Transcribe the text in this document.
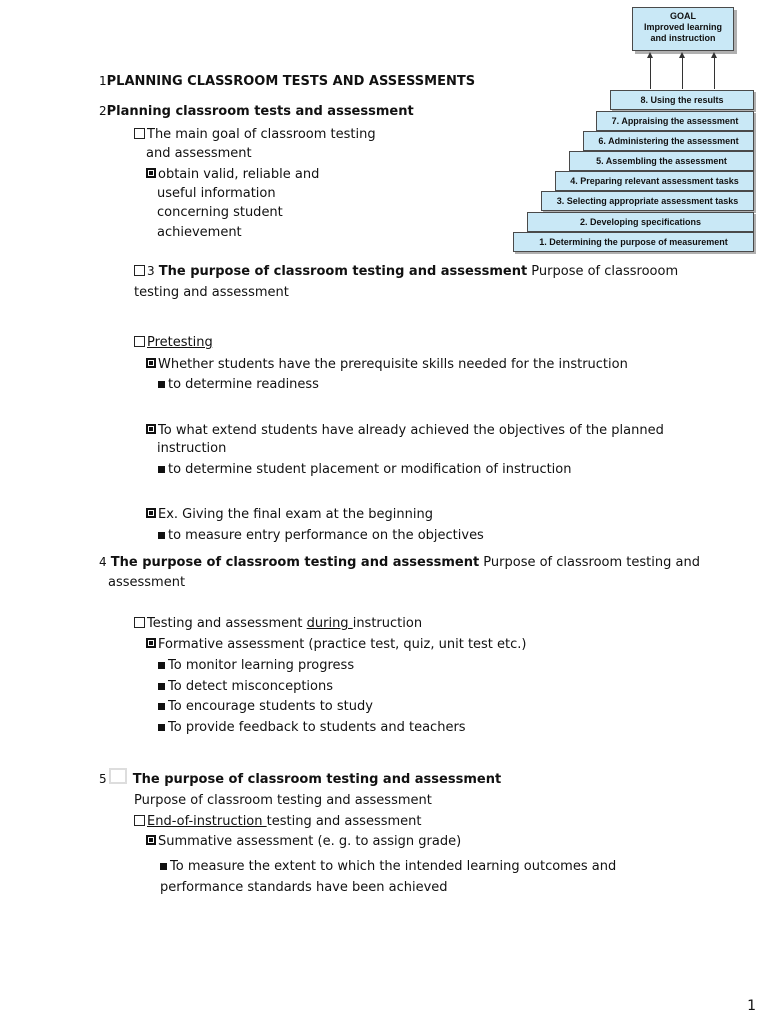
GOAL
Improved learning
and instruction
8. Using the results
7. Appraising the assessment
6. Administering the assessment
5. Assembling the assessment
4. Preparing relevant assessment tasks
3. Selecting appropriate assessment tasks
2. Developing specifications
1. Determining the purpose of measurement
1PLANNING CLASSROOM TESTS AND ASSESSMENTS
2Planning classroom tests and assessment
The main goal of classroom testing
and assessment
obtain valid, reliable and
useful information
concerning student
achievement
3 The purpose of classroom testing and assessment Purpose of classrooom
testing and assessment
Pretesting
Whether students have the prerequisite skills needed for the instruction
to determine readiness
To what extend students have already achieved the objectives of the planned
instruction
to determine student placement or modification of instruction
Ex. Giving the final exam at the beginning
to measure entry performance on the objectives
4 The purpose of classroom testing and assessment Purpose of classroom testing and
assessment
Testing and assessment during instruction
Formative assessment (practice test, quiz, unit test etc.)
To monitor learning progress
To detect misconceptions
To encourage students to study
To provide feedback to students and teachers
5 The purpose of classroom testing and assessment
Purpose of classroom testing and assessment
End-of-instruction testing and assessment
Summative assessment (e. g. to assign grade)
To measure the extent to which the intended learning outcomes and
performance standards have been achieved
1
